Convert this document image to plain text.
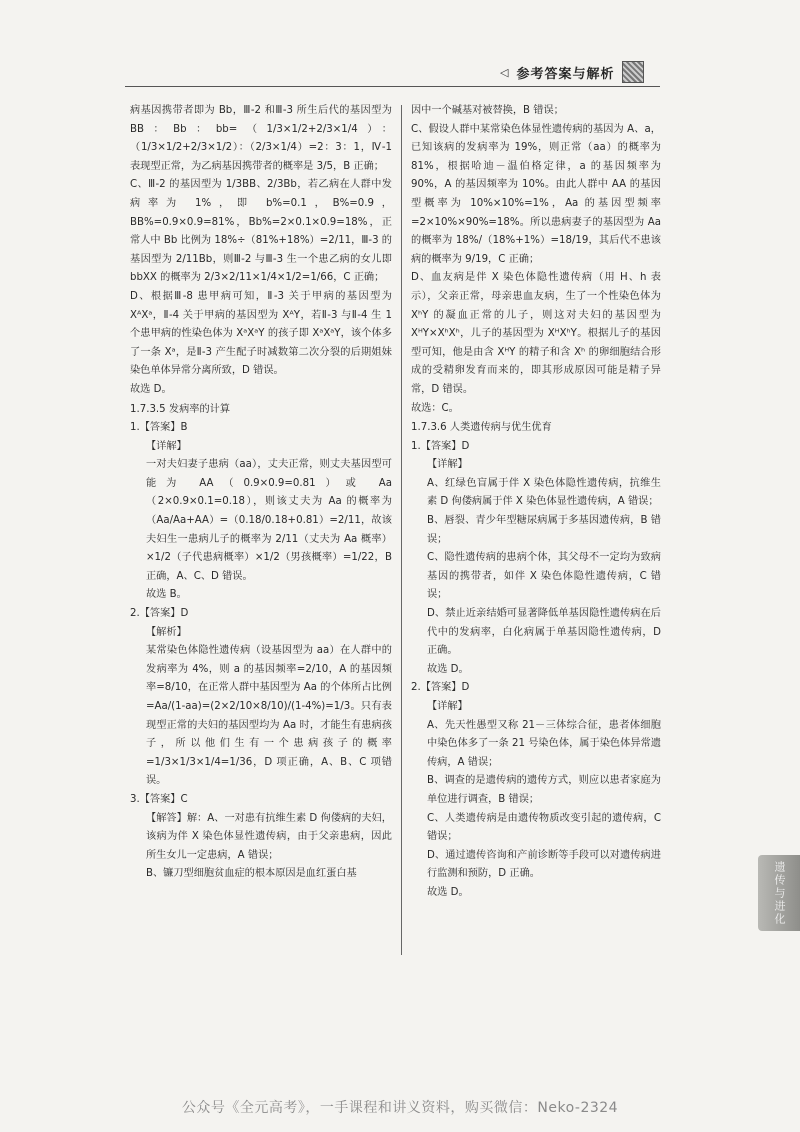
◁ 参考答案与解析

病基因携带者即为 Bb，Ⅲ-2 和Ⅲ-3 所生后代的基因型为 BB：Bb：bb=（1/3×1/2+2/3×1/4）：（1/3×1/2+2/3×1/2）：（2/3×1/4）=2：3：1，Ⅳ-1 表现型正常，为乙病基因携带者的概率是 3/5，B 正确；

C、Ⅲ-2 的基因型为 1/3BB、2/3Bb，若乙病在人群中发病率为 1%，即 b%=0.1，B%=0.9，BB%=0.9×0.9=81%，Bb%=2×0.1×0.9=18%，正常人中 Bb 比例为 18%÷（81%+18%）=2/11，Ⅲ-3 的基因型为 2/11Bb，则Ⅲ-2 与Ⅲ-3 生一个患乙病的女儿即 bbXX 的概率为 2/3×2/11×1/4×1/2=1/66，C 正确；

D、根据Ⅲ-8 患甲病可知，Ⅱ-3 关于甲病的基因型为 XᴬXᵃ，Ⅱ-4 关于甲病的基因型为 XᴬY，若Ⅱ-3 与Ⅱ-4 生 1 个患甲病的性染色体为 XᵃXᵃY 的孩子即 XᵃXᵃY，该个体多了一条 Xᵃ，是Ⅱ-3 产生配子时减数第二次分裂的后期姐妹染色单体异常分离所致，D 错误。

故选 D。

1.7.3.5 发病率的计算

1.【答案】B

【详解】

一对夫妇妻子患病（aa），丈夫正常，则丈夫基因型可能为 AA（0.9×0.9=0.81）或 Aa（2×0.9×0.1=0.18），则该丈夫为 Aa 的概率为（Aa/Aa+AA）=（0.18/0.18+0.81）=2/11，故该夫妇生一患病儿子的概率为 2/11（丈夫为 Aa 概率）×1/2（子代患病概率）×1/2（男孩概率）=1/22，B 正确，A、C、D 错误。

故选 B。

2.【答案】D

【解析】

某常染色体隐性遗传病（设基因型为 aa）在人群中的发病率为 4%，则 a 的基因频率=2/10，A 的基因频率=8/10，在正常人群中基因型为 Aa 的个体所占比例=Aa/(1-aa)=(2×2/10×8/10)/(1-4%)=1/3。只有表现型正常的夫妇的基因型均为 Aa 时，才能生有患病孩子，所以他们生有一个患病孩子的概率=1/3×1/3×1/4=1/36，D 项正确，A、B、C 项错误。

3.【答案】C

【解答】解：A、一对患有抗维生素 D 佝偻病的夫妇，该病为伴 X 染色体显性遗传病，由于父亲患病，因此所生女儿一定患病，A 错误；

B、镰刀型细胞贫血症的根本原因是血红蛋白基

因中一个碱基对被替换，B 错误；

C、假设人群中某常染色体显性遗传病的基因为 A、a，已知该病的发病率为 19%，则正常（aa）的概率为 81%，根据哈迪－温伯格定律，a 的基因频率为 90%，A 的基因频率为 10%。由此人群中 AA 的基因型概率为 10%×10%=1%，Aa 的基因型频率=2×10%×90%=18%。所以患病妻子的基因型为 Aa 的概率为 18%/（18%+1%）=18/19，其后代不患该病的概率为 9/19，C 正确；

D、血友病是伴 X 染色体隐性遗传病（用 H、h 表示），父亲正常，母亲患血友病，生了一个性染色体为 XʰY 的凝血正常的儿子，则这对夫妇的基因型为 XᴴY×XʰXʰ，儿子的基因型为 XᴴXʰY。根据儿子的基因型可知，他是由含 XᴴY 的精子和含 Xʰ 的卵细胞结合形成的受精卵发育而来的，即其形成原因可能是精子异常，D 错误。

故选：C。

1.7.3.6 人类遗传病与优生优育

1.【答案】D

【详解】

A、红绿色盲属于伴 X 染色体隐性遗传病，抗维生素 D 佝偻病属于伴 X 染色体显性遗传病，A 错误；

B、唇裂、青少年型糖尿病属于多基因遗传病，B 错误；

C、隐性遗传病的患病个体，其父母不一定均为致病基因的携带者，如伴 X 染色体隐性遗传病，C 错误；

D、禁止近亲结婚可显著降低单基因隐性遗传病在后代中的发病率，白化病属于单基因隐性遗传病，D 正确。

故选 D。

2.【答案】D

【详解】

A、先天性愚型又称 21－三体综合征，患者体细胞中染色体多了一条 21 号染色体，属于染色体异常遗传病，A 错误；

B、调查的是遗传病的遗传方式，则应以患者家庭为单位进行调查，B 错误；

C、人类遗传病是由遗传物质改变引起的遗传病，C 错误；

D、通过遗传咨询和产前诊断等手段可以对遗传病进行监测和预防，D 正确。

故选 D。	遗传与进化
公众号《全元高考》，一手课程和讲义资料，购买微信：Neko-2324
